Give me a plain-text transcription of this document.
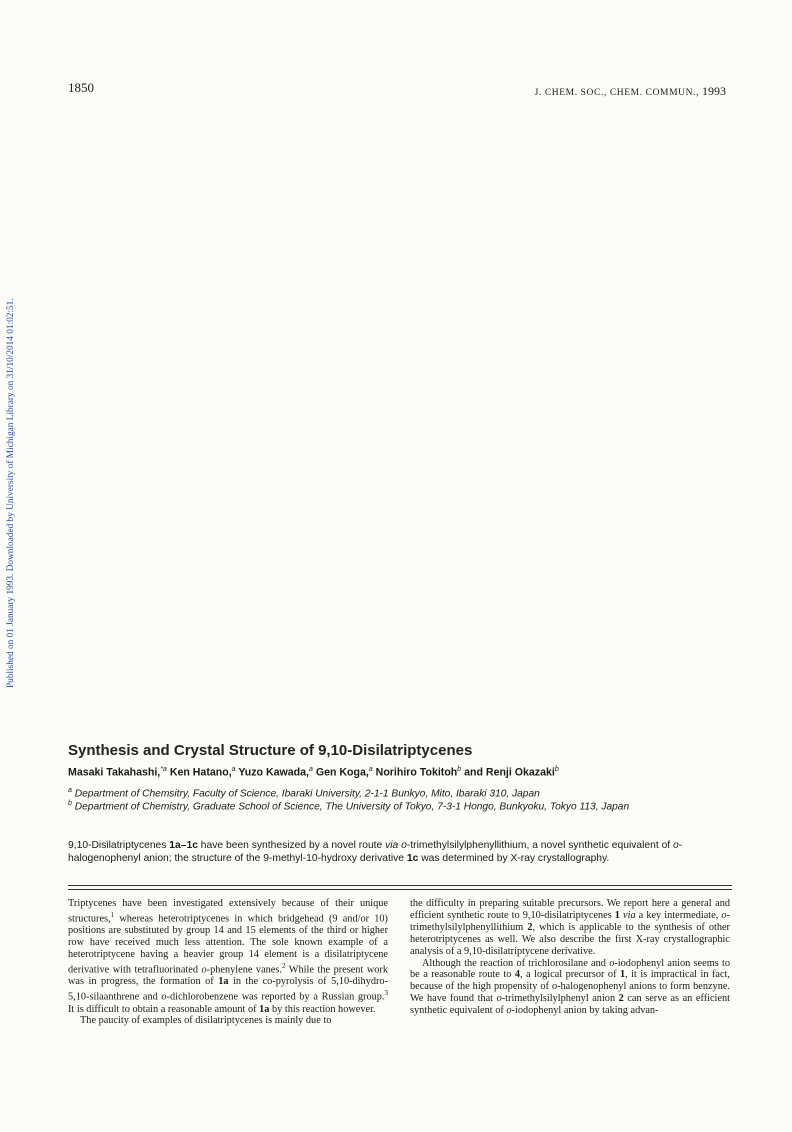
1850	J. CHEM. SOC., CHEM. COMMUN., 1993
Published on 01 January 1993. Downloaded by University of Michigan Library on 31/10/2014 01:02:51.
Synthesis and Crystal Structure of 9,10-Disilatriptycenes
Masaki Takahashi,$^{*a}$ Ken Hatano,$^a$ Yuzo Kawada,$^a$ Gen Koga,$^a$ Norihiro Tokitoh$^b$ and Renji Okazaki$^b$
$^a$ Department of Chemsitry, Faculty of Science, Ibaraki University, 2-1-1 Bunkyo, Mito, Ibaraki 310, Japan
$^b$ Department of Chemistry, Graduate School of Science, The University of Tokyo, 7-3-1 Hongo, Bunkyoku, Tokyo 113, Japan
9,10-Disilatriptycenes 1a–1c have been synthesized by a novel route via o-trimethylsilylphenyllithium, a novel synthetic equivalent of o-halogenophenyl anion; the structure of the 9-methyl-10-hydroxy derivative 1c was determined by X-ray crystallography.

Triptycenes have been investigated extensively because of their unique structures,$^1$ whereas heterotriptycenes in which bridgehead (9 and/or 10) positions are substituted by group 14 and 15 elements of the third or higher row have received much less attention. The sole known example of a heterotriptycene having a heavier group 14 element is a disilatriptycene derivative with tetrafluorinated o-phenylene vanes.$^2$ While the present work was in progress, the formation of 1a in the co-pyrolysis of 5,10-dihydro-5,10-silaanthrene and o-dichlorobenzene was reported by a Russian group.$^3$ It is difficult to obtain a reasonable amount of 1a by this reaction however.

The paucity of examples of disilatriptycenes is mainly due to

the difficulty in preparing suitable precursors. We report here a general and efficient synthetic route to 9,10-disilatriptycenes 1 via a key intermediate, o-trimethylsilylphenyllithium 2, which is applicable to the synthesis of other heterotriptycenes as well. We also describe the first X-ray crystallographic analysis of a 9,10-disilatriptycene derivative.

Although the reaction of trichlorosilane and o-iodophenyl anion seems to be a reasonable route to 4, a logical precursor of 1, it is impractical in fact, because of the high propensity of o-halogenophenyl anions to form benzyne. We have found that o-trimethylsilylphenyl anion 2 can serve as an efficient synthetic equivalent of o-iodophenyl anion by taking advan-
